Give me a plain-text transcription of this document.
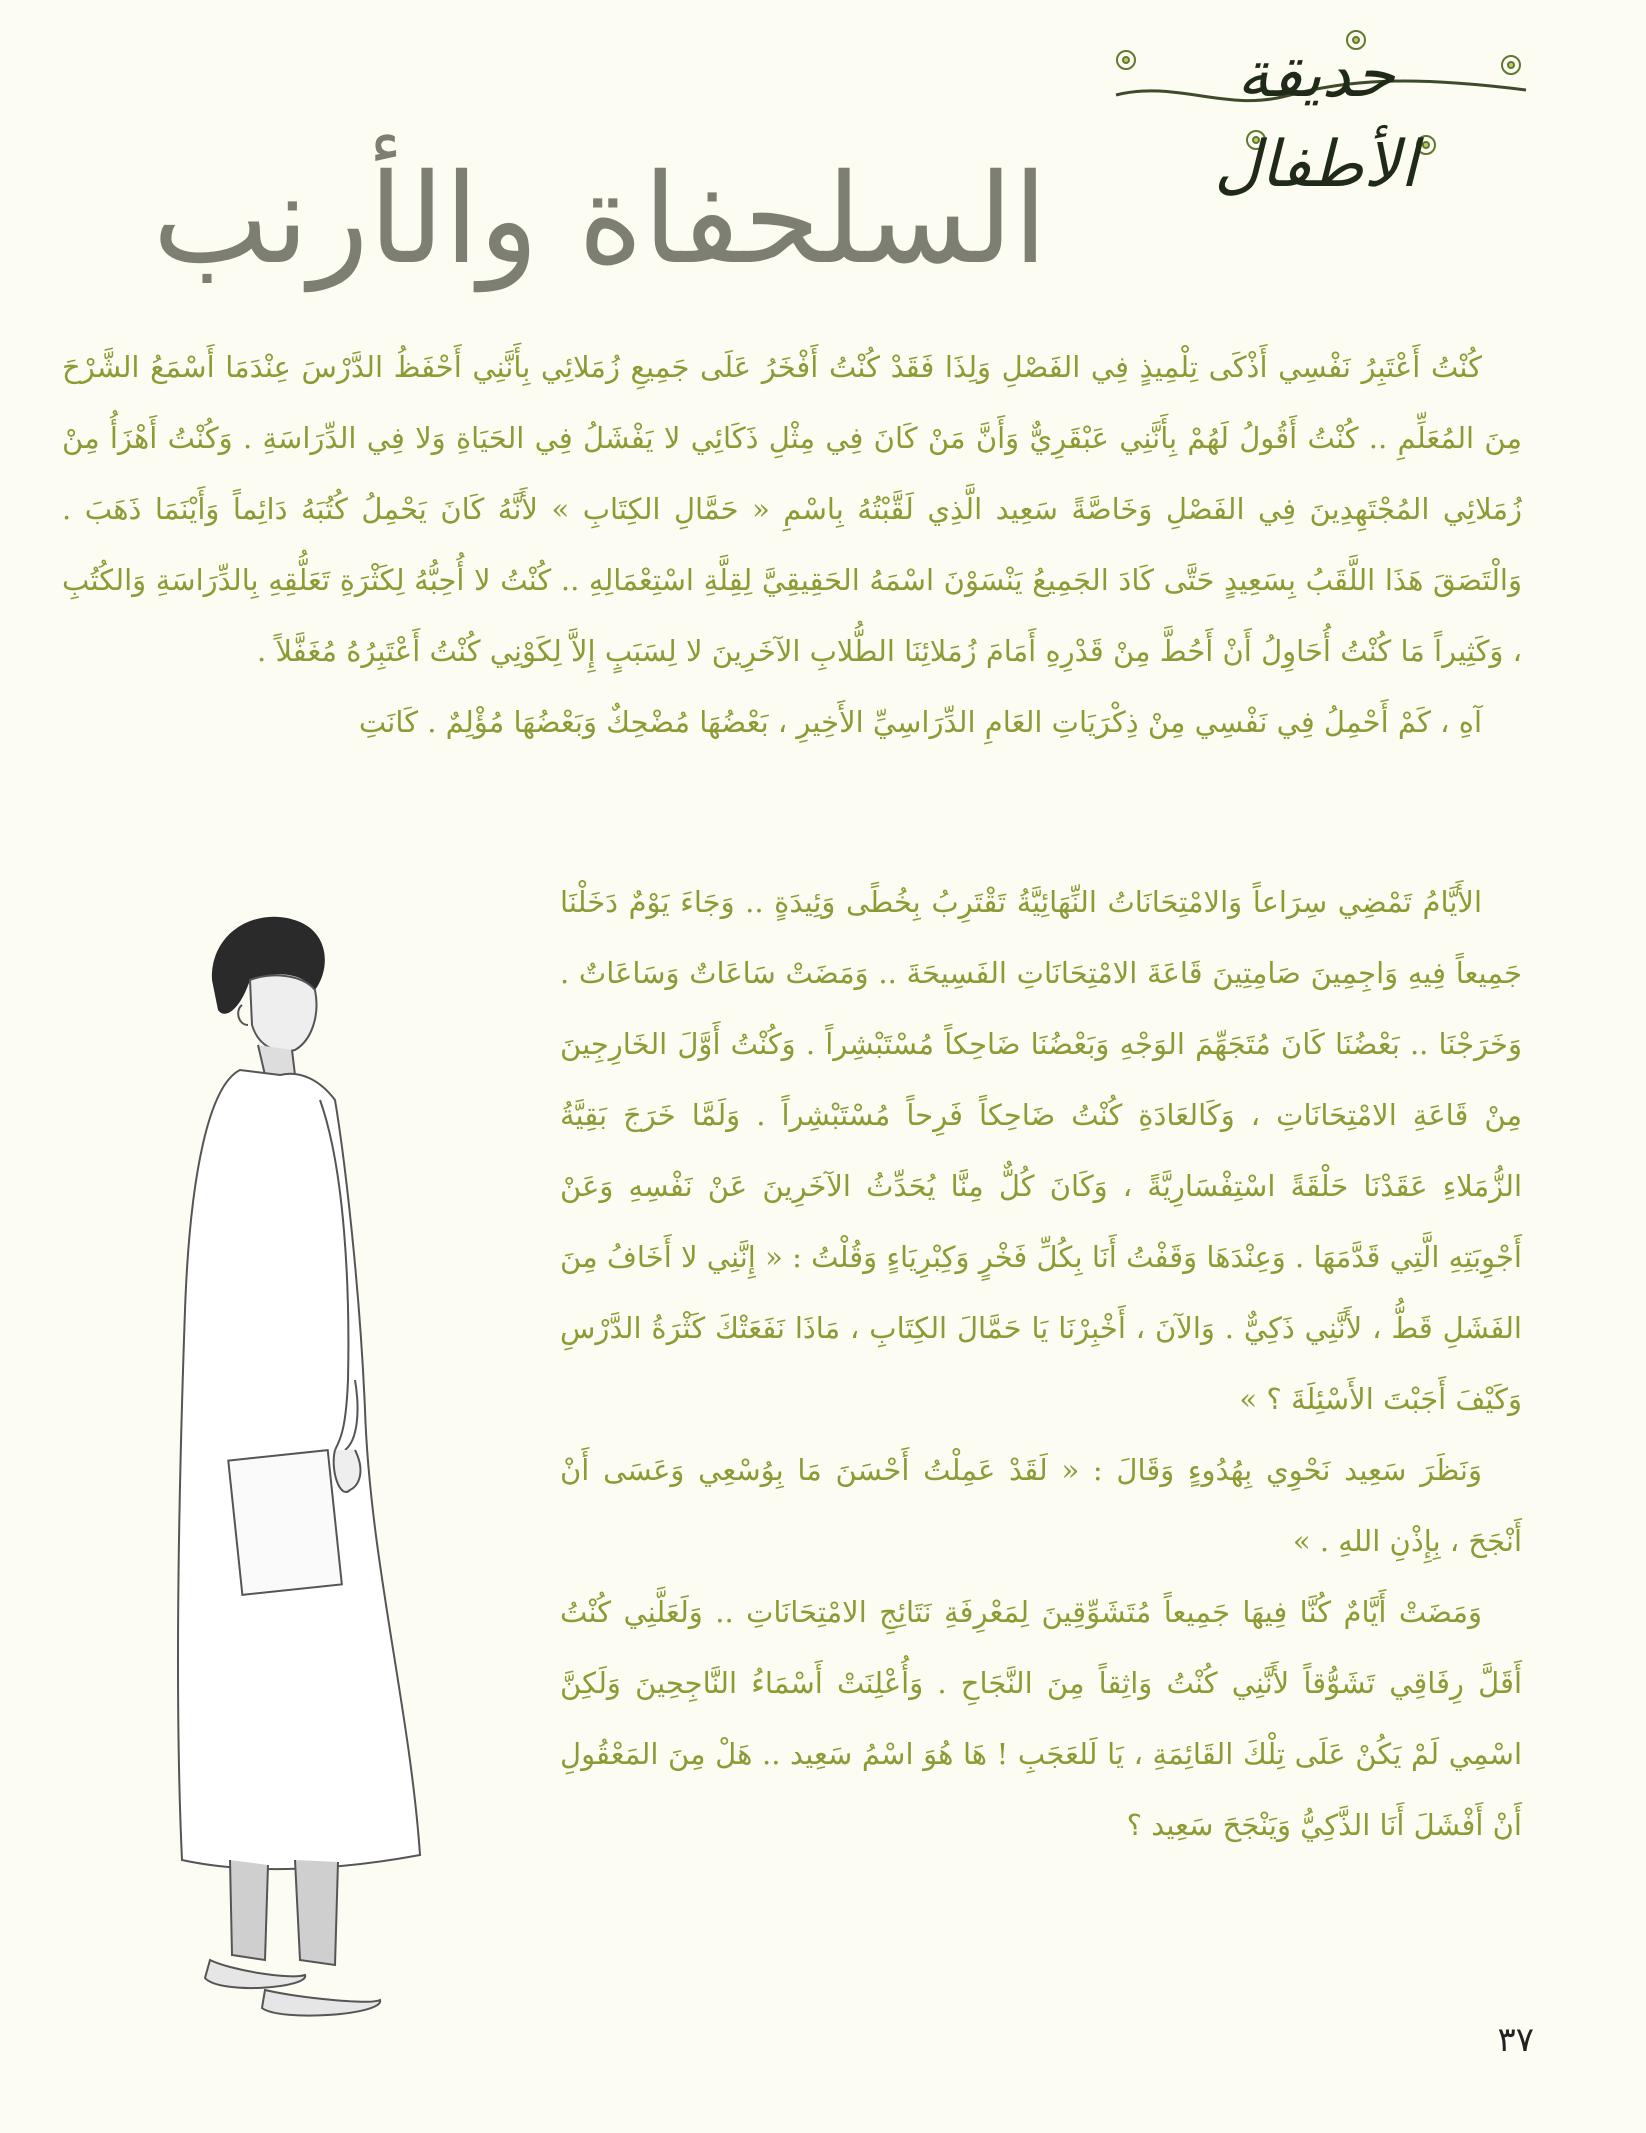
حديقة الأطفال
السلحفاة والأرنب

كُنْتُ أَعْتَبِرُ نَفْسِي أَذْكَى تِلْمِيذٍ فِي الفَصْلِ وَلِذَا فَقَدْ كُنْتُ أَفْخَرُ عَلَى جَمِيعِ زُمَلائِي بِأَنَّنِي أَحْفَظُ الدَّرْسَ عِنْدَمَا أَسْمَعُ الشَّرْحَ مِنَ المُعَلِّمِ .. كُنْتُ أَقُولُ لَهُمْ بِأَنَّنِي عَبْقَرِيٌّ وَأَنَّ مَنْ كَانَ فِي مِثْلِ ذَكَائِي لا يَفْشَلُ فِي الحَيَاةِ وَلا فِي الدِّرَاسَةِ . وَكُنْتُ أَهْزَأُ مِنْ زُمَلائِي المُجْتَهِدِينَ فِي الفَصْلِ وَخَاصَّةً سَعِيد الَّذِي لَقَّبْتُهُ بِاسْمِ « حَمَّالِ الكِتَابِ » لأَنَّهُ كَانَ يَحْمِلُ كُتُبَهُ دَائِماً وَأَيْنَمَا ذَهَبَ . وَالْتَصَقَ هَذَا اللَّقَبُ بِسَعِيدٍ حَتَّى كَادَ الجَمِيعُ يَنْسَوْنَ اسْمَهُ الحَقِيقِيَّ لِقِلَّةِ اسْتِعْمَالِهِ .. كُنْتُ لا أُحِبُّهُ لِكَثْرَةِ تَعَلُّقِهِ بِالدِّرَاسَةِ وَالكُتُبِ ، وَكَثِيراً مَا كُنْتُ أُحَاوِلُ أَنْ أَحُطَّ مِنْ قَدْرِهِ أَمَامَ زُمَلائِنَا الطُّلابِ الآخَرِينَ لا لِسَبَبٍ إِلاَّ لِكَوْنِي كُنْتُ أَعْتَبِرُهُ مُغَفَّلاً .

آهِ ، كَمْ أَحْمِلُ فِي نَفْسِي مِنْ ذِكْرَيَاتِ العَامِ الدِّرَاسِيِّ الأَخِيرِ ، بَعْضُهَا مُضْحِكٌ وَبَعْضُهَا مُؤْلِمٌ . كَانَتِ

الأَيَّامُ تَمْضِي سِرَاعاً وَالامْتِحَانَاتُ النِّهَائِيَّةُ تَقْتَرِبُ بِخُطًى وَئِيدَةٍ .. وَجَاءَ يَوْمٌ دَخَلْنَا جَمِيعاً فِيهِ وَاجِمِينَ صَامِتِينَ قَاعَةَ الامْتِحَانَاتِ الفَسِيحَةَ .. وَمَضَتْ سَاعَاتٌ وَسَاعَاتٌ . وَخَرَجْنَا .. بَعْضُنَا كَانَ مُتَجَهِّمَ الوَجْهِ وَبَعْضُنَا ضَاحِكاً مُسْتَبْشِراً . وَكُنْتُ أَوَّلَ الخَارِجِينَ مِنْ قَاعَةِ الامْتِحَانَاتِ ، وَكَالعَادَةِ كُنْتُ ضَاحِكاً فَرِحاً مُسْتَبْشِراً . وَلَمَّا خَرَجَ بَقِيَّةُ الزُّمَلاءِ عَقَدْنَا حَلْقَةً اسْتِفْسَارِيَّةً ، وَكَانَ كُلٌّ مِنَّا يُحَدِّثُ الآخَرِينَ عَنْ نَفْسِهِ وَعَنْ أَجْوِبَتِهِ الَّتِي قَدَّمَهَا . وَعِنْدَهَا وَقَفْتُ أَنَا بِكُلِّ فَخْرٍ وَكِبْرِيَاءٍ وَقُلْتُ : « إِنَّنِي لا أَخَافُ مِنَ الفَشَلِ قَطُّ ، لأَنَّنِي ذَكِيٌّ . وَالآنَ ، أَخْبِرْنَا يَا حَمَّالَ الكِتَابِ ، مَاذَا نَفَعَتْكَ كَثْرَةُ الدَّرْسِ وَكَيْفَ أَجَبْتَ الأَسْئِلَةَ ؟ »

وَنَظَرَ سَعِيد نَحْوِي بِهُدُوءٍ وَقَالَ : « لَقَدْ عَمِلْتُ أَحْسَنَ مَا بِوُسْعِي وَعَسَى أَنْ أَنْجَحَ ، بِإِذْنِ اللهِ . »

وَمَضَتْ أَيَّامٌ كُنَّا فِيهَا جَمِيعاً مُتَشَوِّقِينَ لِمَعْرِفَةِ نَتَائِجِ الامْتِحَانَاتِ .. وَلَعَلَّنِي كُنْتُ أَقَلَّ رِفَاقِي تَشَوُّقاً لأَنَّنِي كُنْتُ وَاثِقاً مِنَ النَّجَاحِ . وَأُعْلِنَتْ أَسْمَاءُ النَّاجِحِينَ وَلَكِنَّ اسْمِي لَمْ يَكُنْ عَلَى تِلْكَ القَائِمَةِ ، يَا لَلعَجَبِ ! هَا هُوَ اسْمُ سَعِيد .. هَلْ مِنَ المَعْقُولِ أَنْ أَفْشَلَ أَنَا الذَّكِيُّ وَيَنْجَحَ سَعِيد ؟

٣٧
